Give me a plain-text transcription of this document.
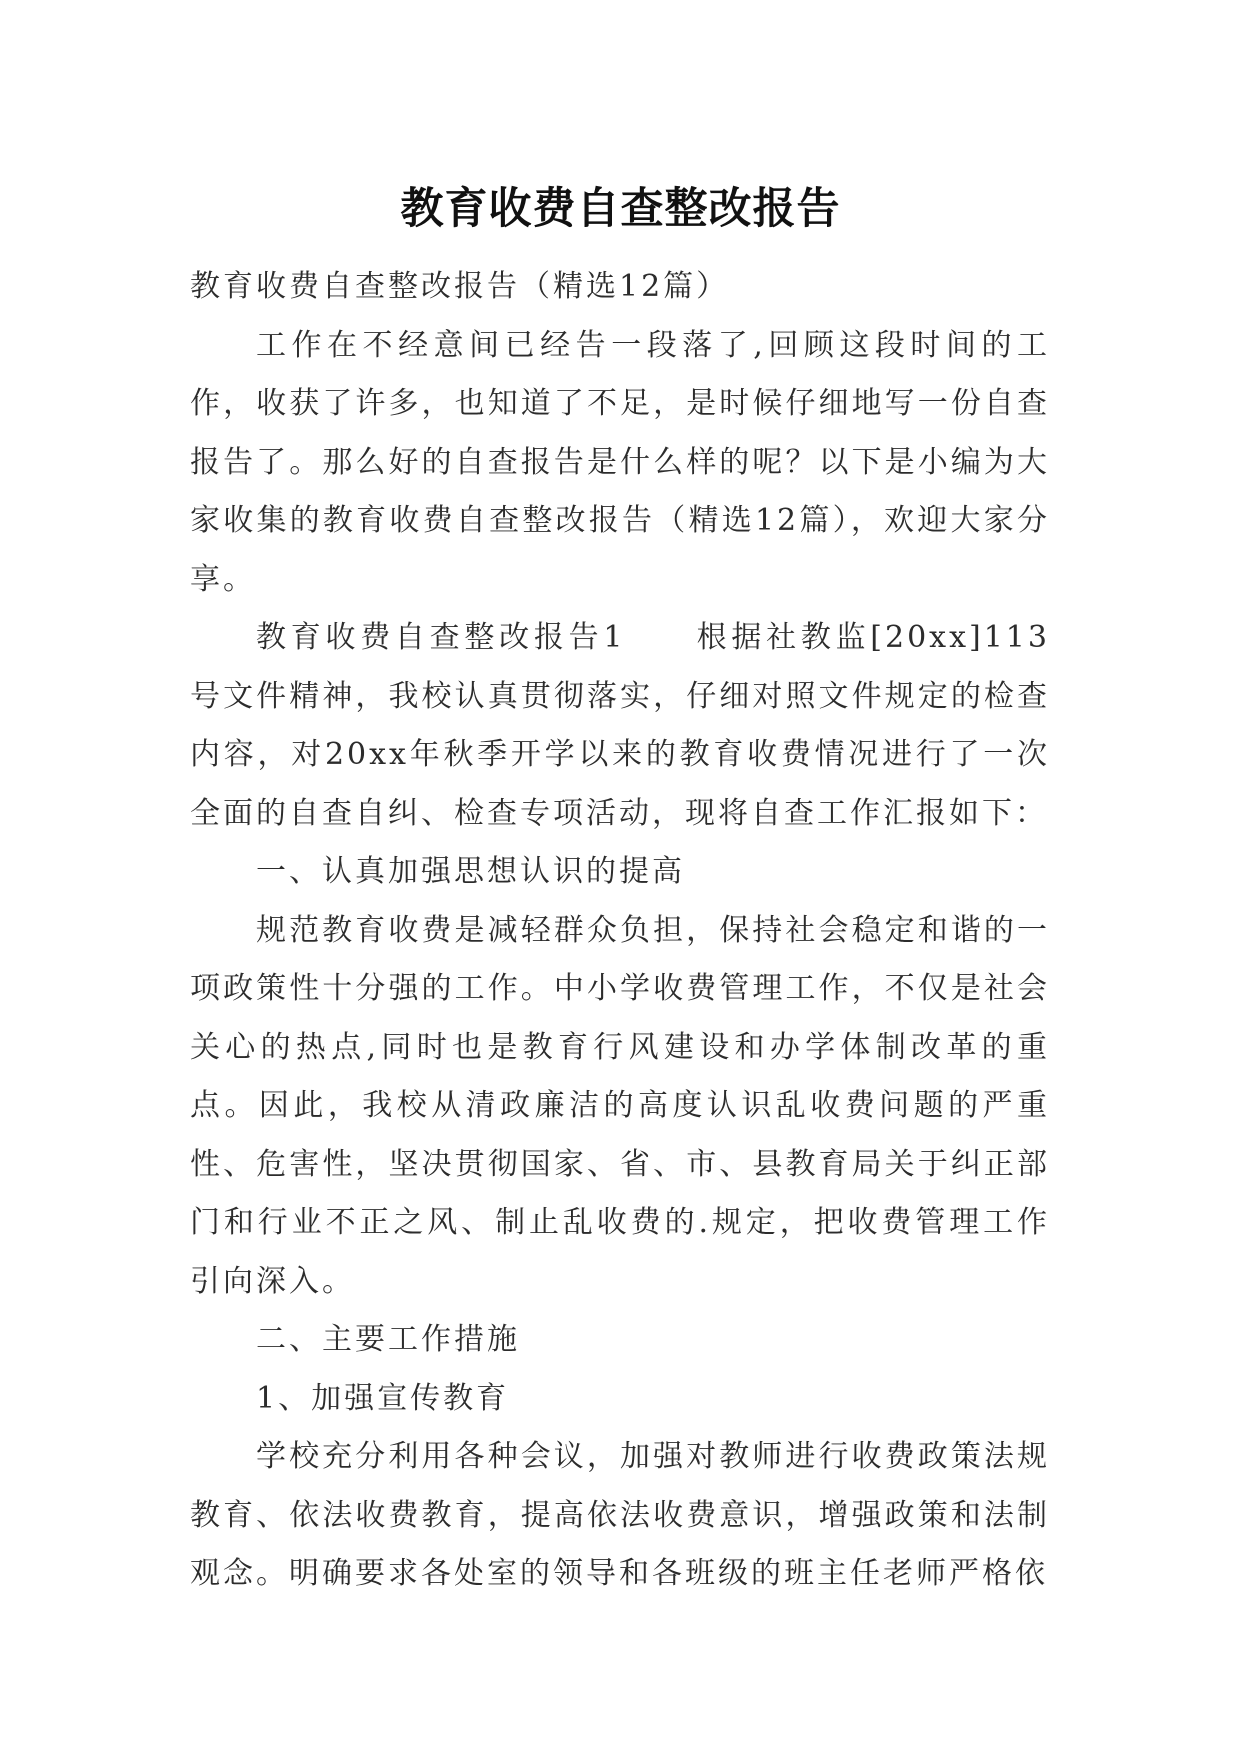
教育收费自查整改报告

教育收费自查整改报告（精选12篇）

工作在不经意间已经告一段落了,回顾这段时间的工作，收获了许多，也知道了不足，是时候仔细地写一份自查报告了。那么好的自查报告是什么样的呢？以下是小编为大家收集的教育收费自查整改报告（精选12篇），欢迎大家分享。

教育收费自查整改报告1　　根据社教监[20xx]113号文件精神，我校认真贯彻落实，仔细对照文件规定的检查内容，对20xx年秋季开学以来的教育收费情况进行了一次全面的自查自纠、检查专项活动，现将自查工作汇报如下：

一、认真加强思想认识的提高

规范教育收费是减轻群众负担，保持社会稳定和谐的一项政策性十分强的工作。中小学收费管理工作，不仅是社会关心的热点,同时也是教育行风建设和办学体制改革的重点。因此，我校从清政廉洁的高度认识乱收费问题的严重性、危害性，坚决贯彻国家、省、市、县教育局关于纠正部门和行业不正之风、制止乱收费的.规定，把收费管理工作引向深入。

二、主要工作措施

1、加强宣传教育

学校充分利用各种会议，加强对教师进行收费政策法规教育、依法收费教育，提高依法收费意识，增强政策和法制观念。明确要求各处室的领导和各班级的班主任老师严格依
